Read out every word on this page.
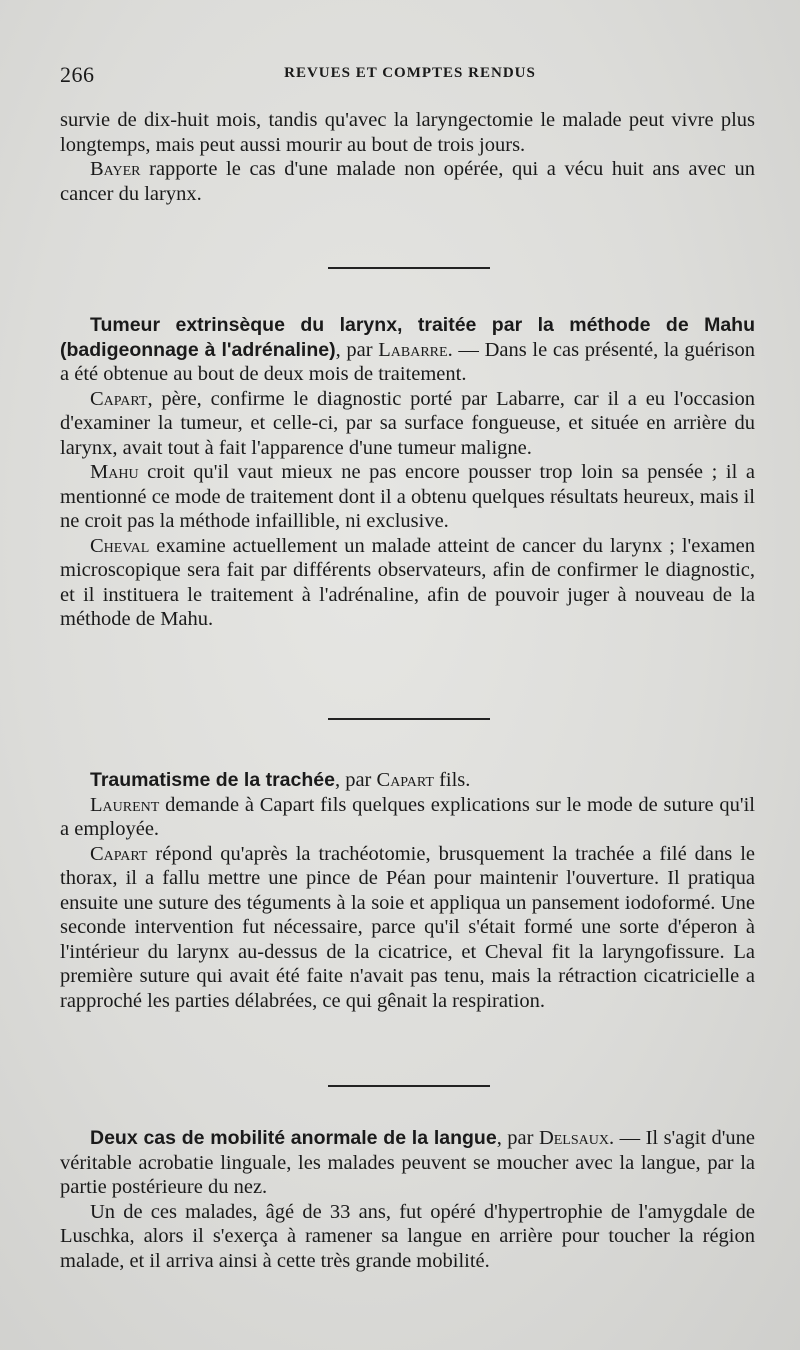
266	REVUES ET COMPTES RENDUS

survie de dix-huit mois, tandis qu'avec la laryngectomie le malade peut vivre plus longtemps, mais peut aussi mourir au bout de trois jours.

Bayer rapporte le cas d'une malade non opérée, qui a vécu huit ans avec un cancer du larynx.

Tumeur extrinsèque du larynx, traitée par la méthode de Mahu (badigeonnage à l'adrénaline), par Labarre. — Dans le cas présenté, la guérison a été obtenue au bout de deux mois de traitement.

Capart, père, confirme le diagnostic porté par Labarre, car il a eu l'occasion d'examiner la tumeur, et celle-ci, par sa surface fongueuse, et située en arrière du larynx, avait tout à fait l'apparence d'une tumeur maligne.

Mahu croit qu'il vaut mieux ne pas encore pousser trop loin sa pensée ; il a mentionné ce mode de traitement dont il a obtenu quelques résultats heureux, mais il ne croit pas la méthode infaillible, ni exclusive.

Cheval examine actuellement un malade atteint de cancer du larynx ; l'examen microscopique sera fait par différents observateurs, afin de confirmer le diagnostic, et il instituera le traitement à l'adrénaline, afin de pouvoir juger à nouveau de la méthode de Mahu.

Traumatisme de la trachée, par Capart fils.

Laurent demande à Capart fils quelques explications sur le mode de suture qu'il a employée.

Capart répond qu'après la trachéotomie, brusquement la trachée a filé dans le thorax, il a fallu mettre une pince de Péan pour maintenir l'ouverture. Il pratiqua ensuite une suture des téguments à la soie et appliqua un pansement iodoformé. Une seconde intervention fut nécessaire, parce qu'il s'était formé une sorte d'éperon à l'intérieur du larynx au-dessus de la cicatrice, et Cheval fit la laryngofissure. La première suture qui avait été faite n'avait pas tenu, mais la rétraction cicatricielle a rapproché les parties délabrées, ce qui gênait la respiration.

Deux cas de mobilité anormale de la langue, par Delsaux. — Il s'agit d'une véritable acrobatie linguale, les malades peuvent se moucher avec la langue, par la partie postérieure du nez.

Un de ces malades, âgé de 33 ans, fut opéré d'hypertrophie de l'amygdale de Luschka, alors il s'exerça à ramener sa langue en arrière pour toucher la région malade, et il arriva ainsi à cette très grande mobilité.
